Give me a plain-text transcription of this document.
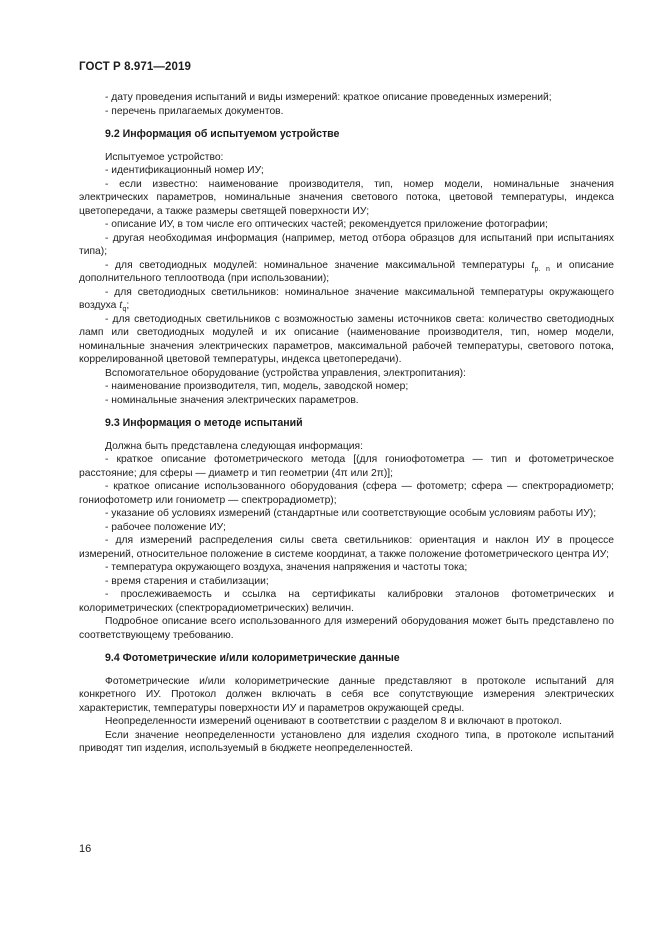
ГОСТ Р 8.971—2019

- дату проведения испытаний и виды измерений: краткое описание проведенных измерений;

- перечень прилагаемых документов.

9.2 Информация об испытуемом устройстве

Испытуемое устройство:

- идентификационный номер ИУ;

- если известно: наименование производителя, тип, номер модели, номинальные значения электрических параметров, номинальные значения светового потока, цветовой температуры, индекса цветопередачи, а также размеры светящей поверхности ИУ;

- описание ИУ, в том числе его оптических частей; рекомендуется приложение фотографии;

- другая необходимая информация (например, метод отбора образцов для испытаний при испытаниях типа);

- для светодиодных модулей: номинальное значение максимальной температуры $t_{p. n}$ и описание дополнительного теплоотвода (при использовании);

- для светодиодных светильников: номинальное значение максимальной температуры окружающего воздуха $t_q$;

- для светодиодных светильников с возможностью замены источников света: количество светодиодных ламп или светодиодных модулей и их описание (наименование производителя, тип, номер модели, номинальные значения электрических параметров, максимальной рабочей температуры, светового потока, коррелированной цветовой температуры, индекса цветопередачи).

Вспомогательное оборудование (устройства управления, электропитания):

- наименование производителя, тип, модель, заводской номер;

- номинальные значения электрических параметров.

9.3 Информация о методе испытаний

Должна быть представлена следующая информация:

- краткое описание фотометрического метода [(для гониофотометра — тип и фотометрическое расстояние; для сферы — диаметр и тип геометрии (4π или 2π)];

- краткое описание использованного оборудования (сфера — фотометр; сфера — спектрорадиометр; гониофотометр или гониометр — спектрорадиометр);

- указание об условиях измерений (стандартные или соответствующие особым условиям работы ИУ);

- рабочее положение ИУ;

- для измерений распределения силы света светильников: ориентация и наклон ИУ в процессе измерений, относительное положение в системе координат, а также положение фотометрического центра ИУ;

- температура окружающего воздуха, значения напряжения и частоты тока;

- время старения и стабилизации;

- прослеживаемость и ссылка на сертификаты калибровки эталонов фотометрических и колориметрических (спектрорадиометрических) величин.

Подробное описание всего использованного для измерений оборудования может быть представлено по соответствующему требованию.

9.4 Фотометрические и/или колориметрические данные

Фотометрические и/или колориметрические данные представляют в протоколе испытаний для конкретного ИУ. Протокол должен включать в себя все сопутствующие измерения электрических характеристик, температуры поверхности ИУ и параметров окружающей среды.

Неопределенности измерений оценивают в соответствии с разделом 8 и включают в протокол.

Если значение неопределенности установлено для изделия сходного типа, в протоколе испытаний приводят тип изделия, используемый в бюджете неопределенностей.

16
